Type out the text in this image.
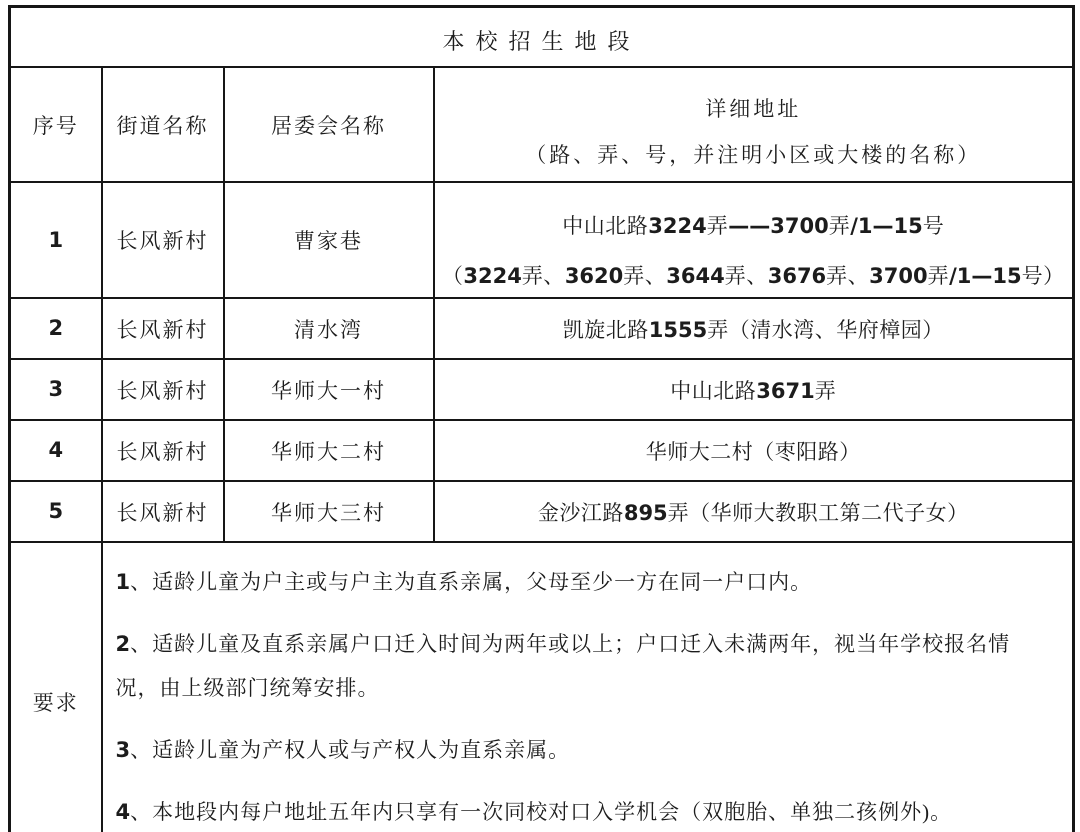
本校招生地段			
序号	街道名称	居委会名称	详细地址
（路、弄、号，并注明小区或大楼的名称）

1	长风新村	曹家巷	中山北路3224弄——3700弄/1—15号
（3224弄、3620弄、3644弄、3676弄、3700弄/1—15号）

2	长风新村	清水湾	凯旋北路1555弄（清水湾、华府樟园）
3	长风新村	华师大一村	中山北路3671弄
4	长风新村	华师大二村	华师大二村（枣阳路）
5	长风新村	华师大三村	金沙江路895弄（华师大教职工第二代子女）
要求	1、适龄儿童为户主或与户主为直系亲属，父母至少一方在同一户口内。

2、适龄儿童及直系亲属户口迁入时间为两年或以上；户口迁入未满两年，视当年学校报名情况，由上级部门统筹安排。

3、适龄儿童为产权人或与产权人为直系亲属。

4、本地段内每户地址五年内只享有一次同校对口入学机会（双胞胎、单独二孩例外)。		
